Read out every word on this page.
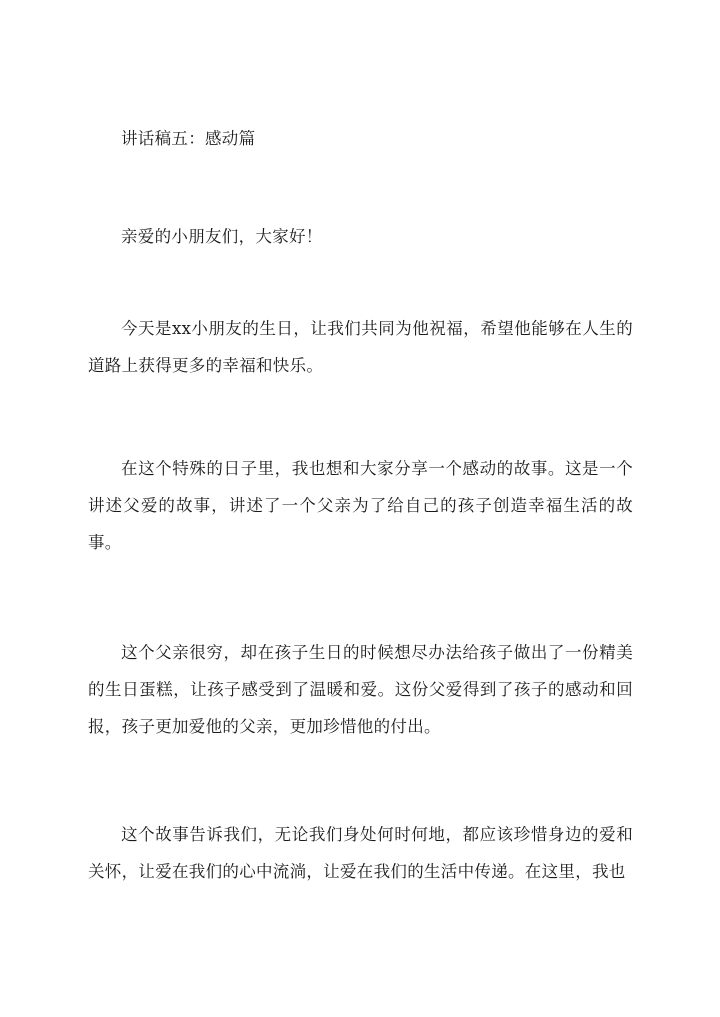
讲话稿五：感动篇

亲爱的小朋友们，大家好！

今天是xx小朋友的生日，让我们共同为他祝福，希望他能够在人生的道路上获得更多的幸福和快乐。

在这个特殊的日子里，我也想和大家分享一个感动的故事。这是一个讲述父爱的故事，讲述了一个父亲为了给自己的孩子创造幸福生活的故事。

这个父亲很穷，却在孩子生日的时候想尽办法给孩子做出了一份精美的生日蛋糕，让孩子感受到了温暖和爱。这份父爱得到了孩子的感动和回报，孩子更加爱他的父亲，更加珍惜他的付出。

这个故事告诉我们，无论我们身处何时何地，都应该珍惜身边的爱和关怀，让爱在我们的心中流淌，让爱在我们的生活中传递。在这里，我也
